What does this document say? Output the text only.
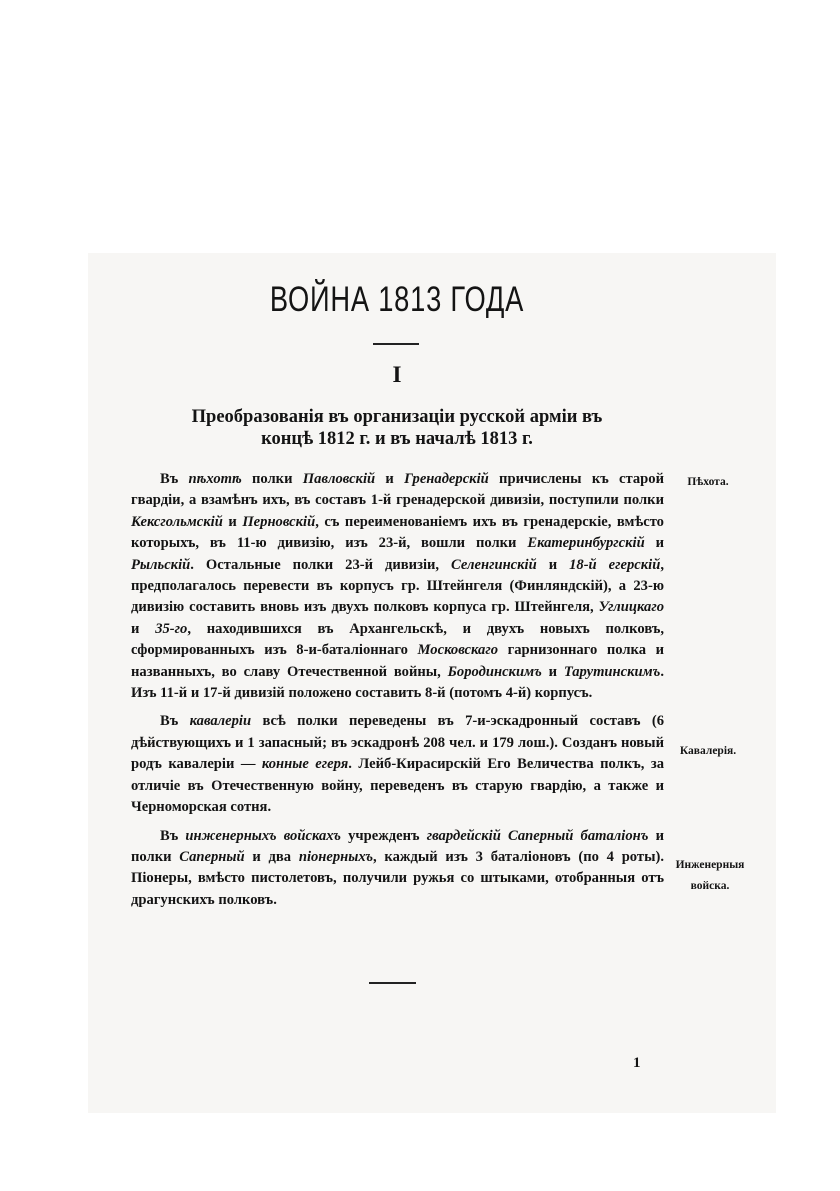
ВОЙНА 1813 ГОДА
I
Преобразованія въ организаціи русской арміи въ
концѣ 1812 г. и въ началѣ 1813 г.

Въ пѣхотѣ полки Павловскій и Гренадерскій причислены къ старой гвардіи, а взамѣнъ ихъ, въ составъ 1-й гренадерской дивизіи, поступили полки Кексгольмскій и Перновскій, съ переименованіемъ ихъ въ гренадерскіе, вмѣсто которыхъ, въ 11-ю дивизію, изъ 23-й, вошли полки Екатеринбургскій и Рыльскій. Остальные полки 23-й дивизіи, Селенгинскій и 18-й егерскій, предполагалось перевести въ корпусъ гр. Штейнгеля (Финляндскій), а 23-ю дивизію составить вновь изъ двухъ полковъ корпуса гр. Штейнгеля, Углицкаго и 35-го, находившихся въ Архангельскѣ, и двухъ новыхъ полковъ, сформированныхъ изъ 8-и-баталіоннаго Московскаго гарнизоннаго полка и названныхъ, во славу Отечественной войны, Бородинскимъ и Тарутинскимъ. Изъ 11-й и 17-й дивизій положено составить 8-й (потомъ 4-й) корпусъ.

Въ кавалеріи всѣ полки переведены въ 7-и-эскадронный составъ (6 дѣйствующихъ и 1 запасный; въ эскадронѣ 208 чел. и 179 лош.). Созданъ новый родъ кавалеріи — конные егеря. Лейб-Кирасирскій Его Величества полкъ, за отличіе въ Отечественную войну, переведенъ въ старую гвардію, а также и Черноморская сотня.

Въ инженерныхъ войскахъ учрежденъ гвардейскій Саперный баталіонъ и полки Саперный и два піонерныхъ, каждый изъ 3 баталіоновъ (по 4 роты). Піонеры, вмѣсто пистолетовъ, получили ружья со штыками, отобранныя отъ драгунскихъ полковъ.

Пѣхота.
Кавалерія.
Инженерныя войска.
1
